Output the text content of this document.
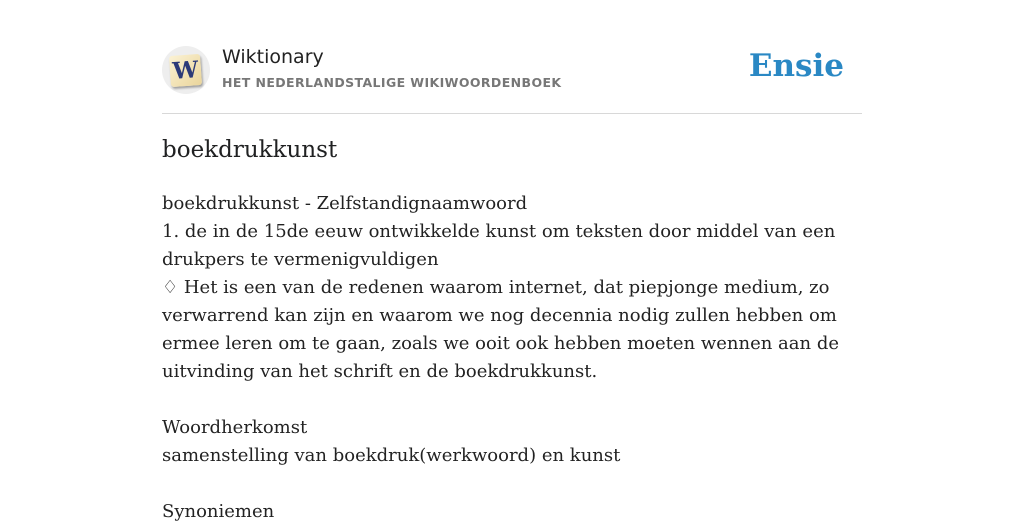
W Wiktionary
HET NEDERLANDSTALIGE WIKIWOORDENBOEK	Ensie
boekdrukkunst

boekdrukkunst - Zelfstandignaamwoord

1. de in de 15de eeuw ontwikkelde kunst om teksten door middel van een drukpers te vermenigvuldigen

♢ Het is een van de redenen waarom internet, dat piepjonge medium, zo verwarrend kan zijn en waarom we nog decennia nodig zullen hebben om ermee leren om te gaan, zoals we ooit ook hebben moeten wennen aan de uitvinding van het schrift en de boekdrukkunst.

Woordherkomst

samenstelling van boekdruk(werkwoord) en kunst

Synoniemen
